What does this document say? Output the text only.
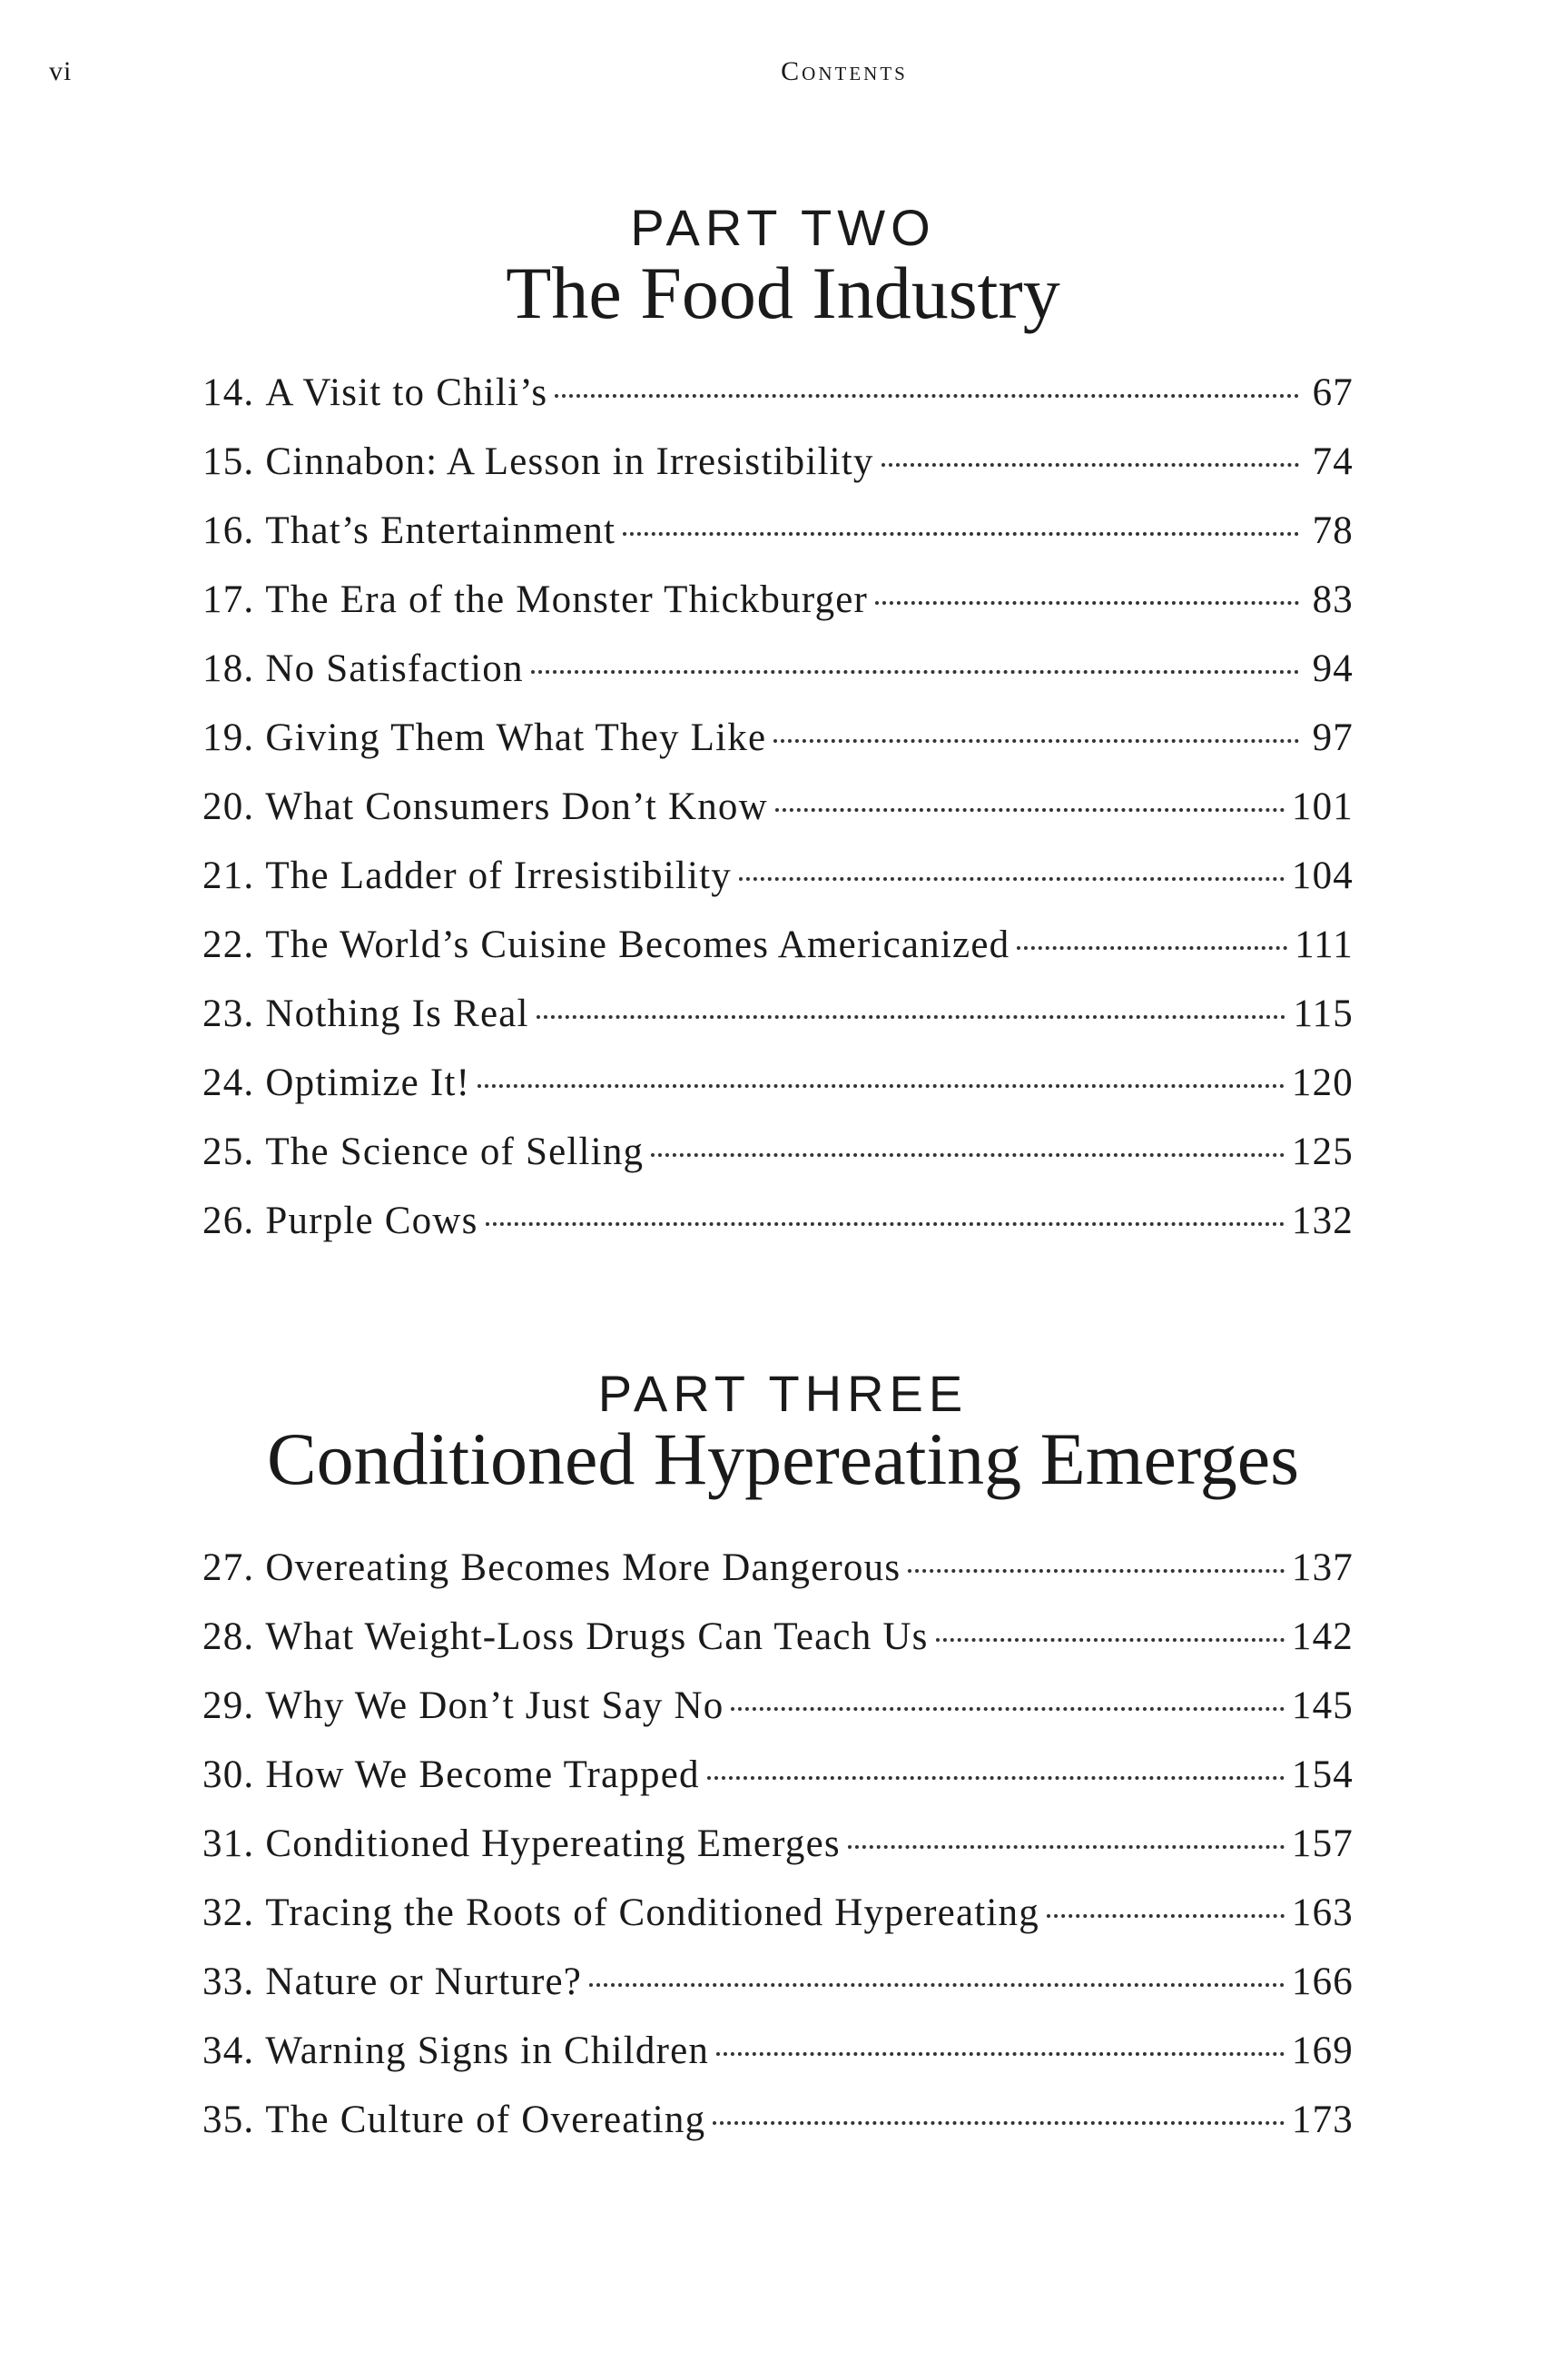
vi	Contents
PART TWO
The Food Industry
14. A Visit to Chili’s	67
15. Cinnabon: A Lesson in Irresistibility	74
16. That’s Entertainment	78
17. The Era of the Monster Thickburger	83
18. No Satisfaction	94
19. Giving Them What They Like	97
20. What Consumers Don’t Know	101
21. The Ladder of Irresistibility	104
22. The World’s Cuisine Becomes Americanized	111
23. Nothing Is Real	115
24. Optimize It!	120
25. The Science of Selling	125
26. Purple Cows	132
PART THREE
Conditioned Hypereating Emerges
27. Overeating Becomes More Dangerous	137
28. What Weight-Loss Drugs Can Teach Us	142
29. Why We Don’t Just Say No	145
30. How We Become Trapped	154
31. Conditioned Hypereating Emerges	157
32. Tracing the Roots of Conditioned Hypereating	163
33. Nature or Nurture?	166
34. Warning Signs in Children	169
35. The Culture of Overeating	173
